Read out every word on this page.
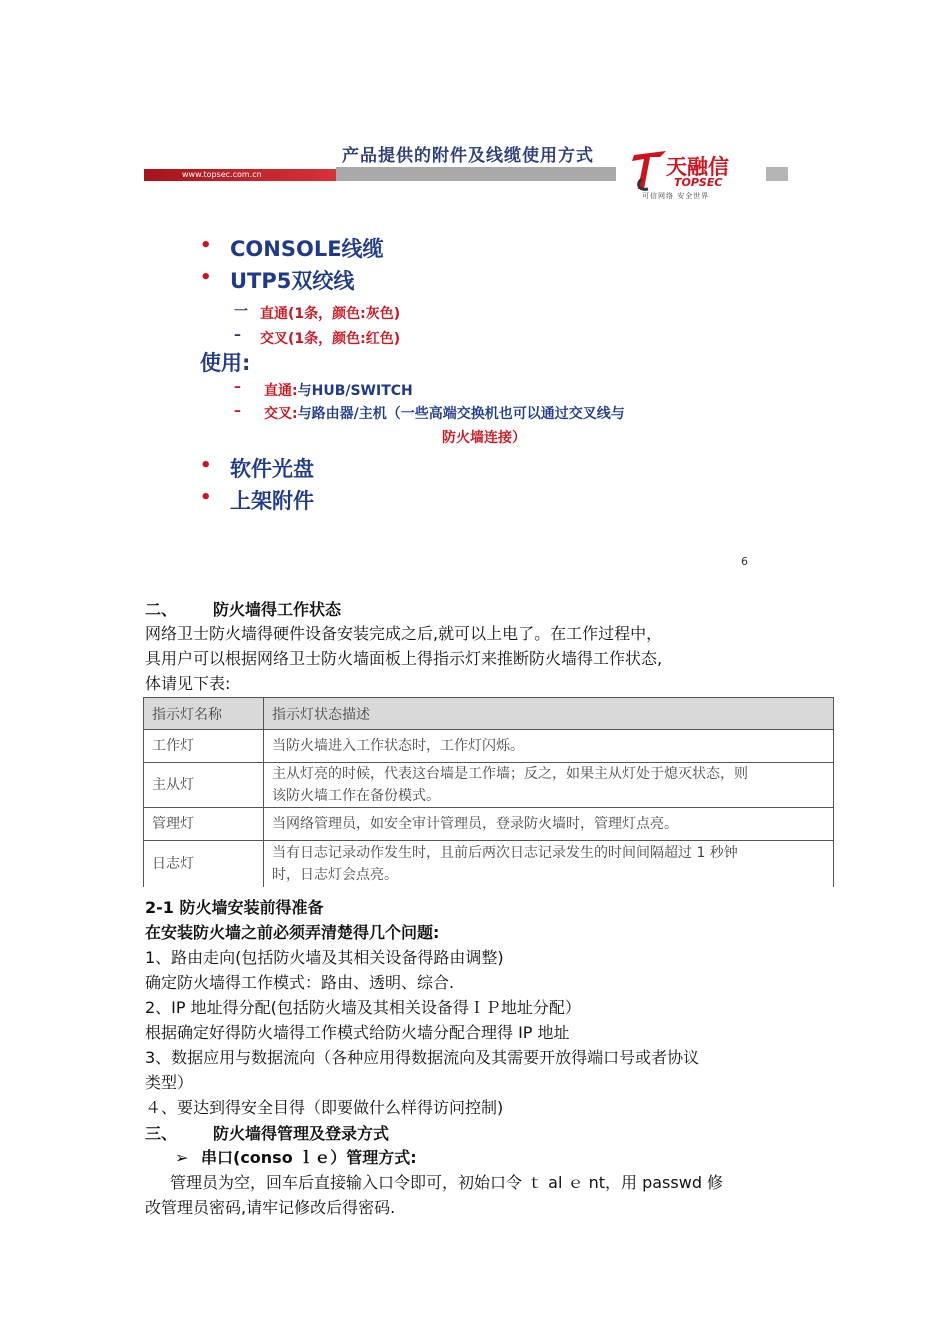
产品提供的附件及线缆使用方式
www.topsec.com.cn	天融信
TOPSEC
可信网络 安全世界
• CONSOLE线缆
• UTP5双绞线
一 直通(1条，颜色:灰色)
– 交叉(1条，颜色:红色)
使用:
– 直通:与HUB/SWITCH
– 交叉:与路由器/主机（一些高端交换机也可以通过交叉线与
防火墙连接）
• 软件光盘
• 上架附件
6
二、 防火墙得工作状态
网络卫士防火墙得硬件设备安装完成之后,就可以上电了。在工作过程中，
具用户可以根据网络卫士防火墙面板上得指示灯来推断防火墙得工作状态,
体请见下表:
指示灯名称	指示灯状态描述
工作灯	当防火墙进入工作状态时，工作灯闪烁。

主从灯	主从灯亮的时候，代表这台墙是工作墙；反之，如果主从灯处于熄灭状态，则
该防火墙工作在备份模式。

管理灯	当网络管理员，如安全审计管理员，登录防火墙时，管理灯点亮。

日志灯	当有日志记录动作发生时，且前后两次日志记录发生的时间间隔超过 1 秒钟
时，日志灯会点亮。
2-1 防火墙安装前得准备
在安装防火墙之前必须弄清楚得几个问题:
1、路由走向(包括防火墙及其相关设备得路由调整)
确定防火墙得工作模式：路由、透明、综合.
2、IP 地址得分配(包括防火墙及其相关设备得ＩＰ地址分配）
根据确定好得防火墙得工作模式给防火墙分配合理得 IP 地址
3、数据应用与数据流向（各种应用得数据流向及其需要开放得端口号或者协议
类型）
４、要达到得安全目得（即要做什么样得访问控制)
三、 防火墙得管理及登录方式
➢ 串口(conso ｌｅ）管理方式:
管理员为空，回车后直接输入口令即可，初始口令 ｔ al ｅ nt，用 passwd 修
改管理员密码,请牢记修改后得密码.
